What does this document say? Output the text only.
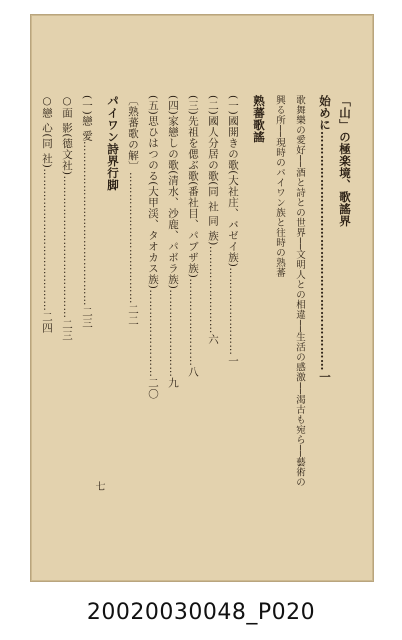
「山」の極楽境、歌謠界
始めに……………………………………………………一
歌舞樂の愛好──酒と詩との世界──文明人との相違──生活の感激──渴古も宛ら──藝術の
興る所──現時のパイワン族と往時の熟蕃
熟蕃歌謠
(一)國開きの歌(大社庄、バゼイ族)……………………一
(二)國人分居の歌(同 社 同 族)……………………六
(三)先祖を偲ぶ歌(番社目、パブザ族)……………………八
(四)家戀しの歌(清水、沙鹿、パボラ族)……………………九
(五)思ひはつのる(大甲渓、タオカス族)……………………二〇
〔熟蕃歌の解〕………………………………二二
パイワン詩界行脚
(一)戀 愛………………………………………二三
○面 影(德文社)…………………………………二三
○戀 心(同 社)…………………………………二四
七
20020030048_P020
